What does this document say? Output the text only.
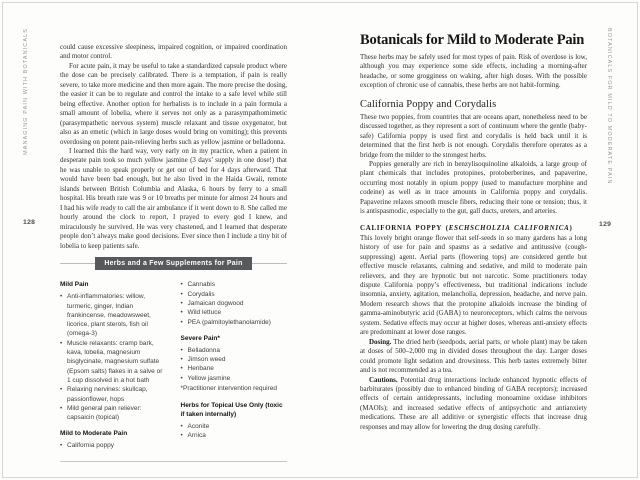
MANAGING PAIN WITH BOTANICALS
128
BOTANICALS FOR MILD TO MODERATE PAIN
129

could cause excessive sleepiness, impaired cognition, or impaired coordination and motor control.

For acute pain, it may be useful to take a standardized capsule product where the dose can be precisely calibrated. There is a temptation, if pain is really severe, to take more medicine and then more again. The more precise the dosing, the easier it can be to regulate and control the intake to a safe level while still being effective. Another option for herbalists is to include in a pain formula a small amount of lobelia, where it serves not only as a parasympathomimetic (parasympathetic nervous system) muscle relaxant and tissue oxygenator, but also as an emetic (which in large doses would bring on vomiting); this prevents overdosing on potent pain-relieving herbs such as yellow jasmine or belladonna.

I learned this the hard way, very early on in my practice, when a patient in desperate pain took so much yellow jasmine (3 days’ supply in one dose!) that he was unable to speak properly or get out of bed for 4 days afterward. That would have been bad enough, but he also lived in the Haida Gwaii, remote islands between British Columbia and Alaska, 6 hours by ferry to a small hospital. His breath rate was 9 or 10 breaths per minute for almost 24 hours and I had his wife ready to call the air ambulance if it went down to 8. She called me hourly around the clock to report, I prayed to every god I knew, and miraculously he survived. He was very chastened, and I learned that desperate people don’t always make good decisions. Ever since then I include a tiny bit of lobelia to keep patients safe.

Herbs and a Few Supplements for Pain
Mild Pain
• Anti-inflammatories: willow, turmeric, ginger, Indian frankincense, meadowsweet, licorice, plant sterols, fish oil (omega-3)
• Muscle relaxants: cramp bark, kava, lobelia, magnesium bisglycinate, magnesium sulfate (Epsom salts) flakes in a salve or 1 cup dissolved in a hot bath
• Relaxing nervines: skullcap, passionflower, hops
• Mild general pain reliever: capsaicin (topical)
Mild to Moderate Pain
• California poppy
• Cannabis
• Corydalis
• Jamaican dogwood
• Wild lettuce
• PEA (palmitoylethanolamide)
Severe Pain*
• Belladonna
• Jimson weed
• Henbane
• Yellow jasmine
*Practitioner intervention required
Herbs for Topical Use Only (toxic if taken internally)
• Aconite
• Arnica
Botanicals for Mild to Moderate Pain

These herbs may be safely used for most types of pain. Risk of overdose is low, although you may experience some side effects, including a morning-after headache, or some grogginess on waking, after high doses. With the possible exception of chronic use of cannabis, these herbs are not habit-forming.

California Poppy and Corydalis

These two poppies, from countries that are oceans apart, nonetheless need to be discussed together, as they represent a sort of continuum where the gentle (baby-safe) California poppy is used first and corydalis is held back until it is determined that the first herb is not enough. Corydalis therefore operates as a bridge from the milder to the strongest herbs.

Poppies generally are rich in benzylisoquinoline alkaloids, a large group of plant chemicals that includes protopines, protoberberines, and papaverine, occurring most notably in opium poppy (used to manufacture morphine and codeine) as well as in trace amounts in California poppy and corydalis. Papaverine relaxes smooth muscle fibers, reducing their tone or tension; thus, it is antispasmodic, especially to the gut, gall ducts, ureters, and arteries.

CALIFORNIA POPPY (ESCHSCHOLZIA CALIFORNICA)

This lovely bright orange flower that self-seeds in so many gardens has a long history of use for pain and spasms as a sedative and antitussive (cough-suppressing) agent. Aerial parts (flowering tops) are considered gentle but effective muscle relaxants, calming and sedative, and mild to moderate pain relievers, and they are hypnotic but not narcotic. Some practitioners today dispute California poppy’s effectiveness, but traditional indications include insomnia, anxiety, agitation, melancholia, depression, headache, and nerve pain. Modern research shows that the protopine alkaloids increase the binding of gamma-aminobutyric acid (GABA) to neuroreceptors, which calms the nervous system. Sedative effects may occur at higher doses, whereas anti-anxiety effects are predominant at lower dose ranges.

Dosing. The dried herb (seedpods, aerial parts, or whole plant) may be taken at doses of 500–2,000 mg in divided doses throughout the day. Larger doses could promote light sedation and drowsiness. This herb tastes extremely bitter and is not recommended as a tea.

Cautions. Potential drug interactions include enhanced hypnotic effects of barbiturates (possibly due to enhanced binding of GABA receptors); increased effects of certain antidepressants, including monoamine oxidase inhibitors (MAOIs); and increased sedative effects of antipsychotic and antianxiety medications. These are all additive or synergistic effects that increase drug responses and may allow for lowering the drug dosing carefully.
